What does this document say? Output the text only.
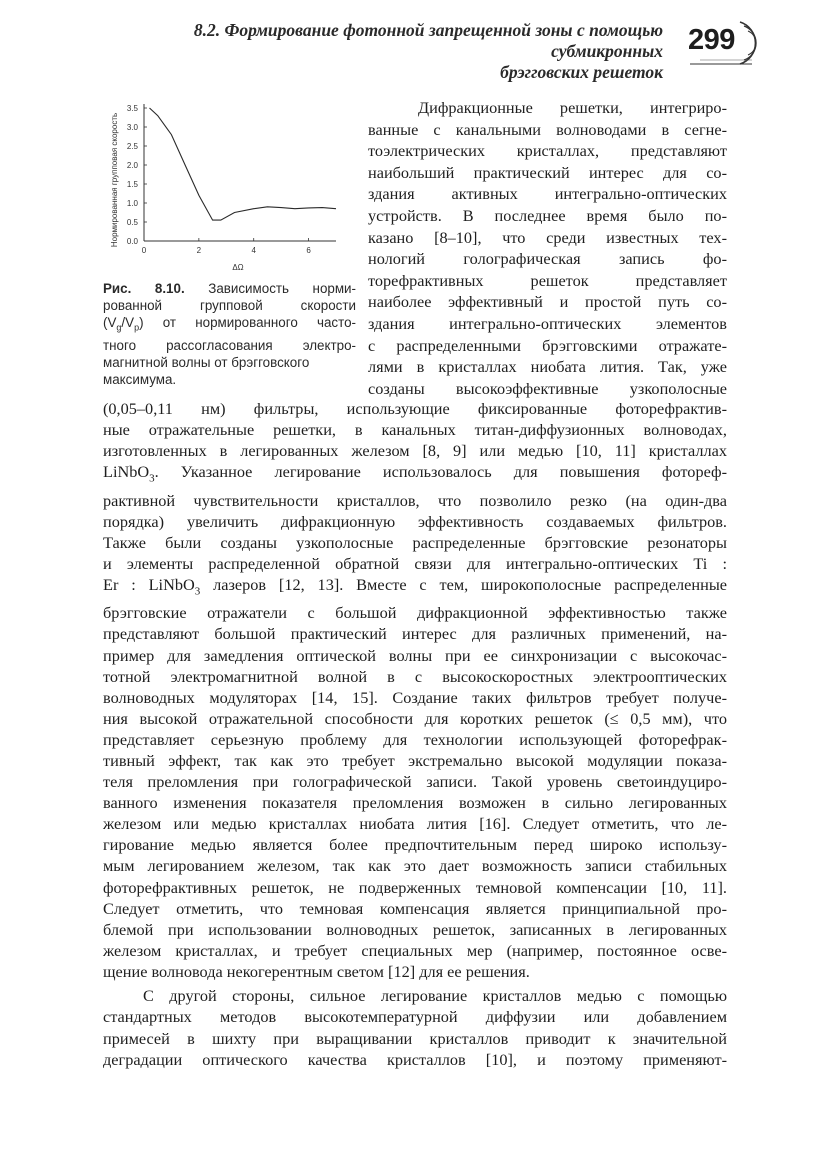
8.2. Формирование фотонной запрещенной зоны с помощью субмикронных
брэгговских решеток
299
3.5
3.0
2.5
2.0
1.5
1.0
0.5
0.0
0	2	4	6
Нормированная групповая скорость
ΔΩ
Рис. 8.10. Зависимость норми-
рованной групповой скорости
$(V_g/V_p)$ от нормированного часто-
тного рассогласования электро-
магнитной волны от брэгговского
максимума.
Дифракционные решетки, интегриро-
ванные с канальными волноводами в сегне-
тоэлектрических кристаллах, представляют
наибольший практический интерес для со-
здания активных интегрально-оптических
устройств. В последнее время было по-
казано [8–10], что среди известных тех-
нологий голографическая запись фо-
торефрактивных решеток представляет
наиболее эффективный и простой путь со-
здания интегрально-оптических элементов
с распределенными брэгговскими отражате-
лями в кристаллах ниобата лития. Так, уже
созданы высокоэффективные узкополосные
(0,05–0,11 нм) фильтры, использующие фиксированные фоторефрактив-
ные отражательные решетки, в канальных титан-диффузионных волноводах,
изготовленных в легированных железом [8, 9] или медью [10, 11] кристаллах
LiNbO$_3$. Указанное легирование использовалось для повышения фотореф-
рактивной чувствительности кристаллов, что позволило резко (на один-два
порядка) увеличить дифракционную эффективность создаваемых фильтров.
Также были созданы узкополосные распределенные брэгговские резонаторы
и элементы распределенной обратной связи для интегрально-оптических Ti :
Er : LiNbO$_3$ лазеров [12, 13]. Вместе с тем, широкополосные распределенные
брэгговские отражатели с большой дифракционной эффективностью также
представляют большой практический интерес для различных применений, на-
пример для замедления оптической волны при ее синхронизации с высокочас-
тотной электромагнитной волной в с высокоскоростных электрооптических
волноводных модуляторах [14, 15]. Создание таких фильтров требует получе-
ния высокой отражательной способности для коротких решеток (≤ 0,5 мм), что
представляет серьезную проблему для технологии использующей фоторефрак-
тивный эффект, так как это требует экстремально высокой модуляции показа-
теля преломления при голографической записи. Такой уровень светоиндуциро-
ванного изменения показателя преломления возможен в сильно легированных
железом или медью кристаллах ниобата лития [16]. Следует отметить, что ле-
гирование медью является более предпочтительным перед широко использу-
мым легированием железом, так как это дает возможность записи стабильных
фоторефрактивных решеток, не подверженных темновой компенсации [10, 11].
Следует отметить, что темновая компенсация является принципиальной про-
блемой при использовании волноводных решеток, записанных в легированных
железом кристаллах, и требует специальных мер (например, постоянное осве-
щение волновода некогерентным светом [12] для ее решения.
С другой стороны, сильное легирование кристаллов медью с помощью
стандартных методов высокотемпературной диффузии или добавлением
примесей в шихту при выращивании кристаллов приводит к значительной
деградации оптического качества кристаллов [10], и поэтому применяют-
